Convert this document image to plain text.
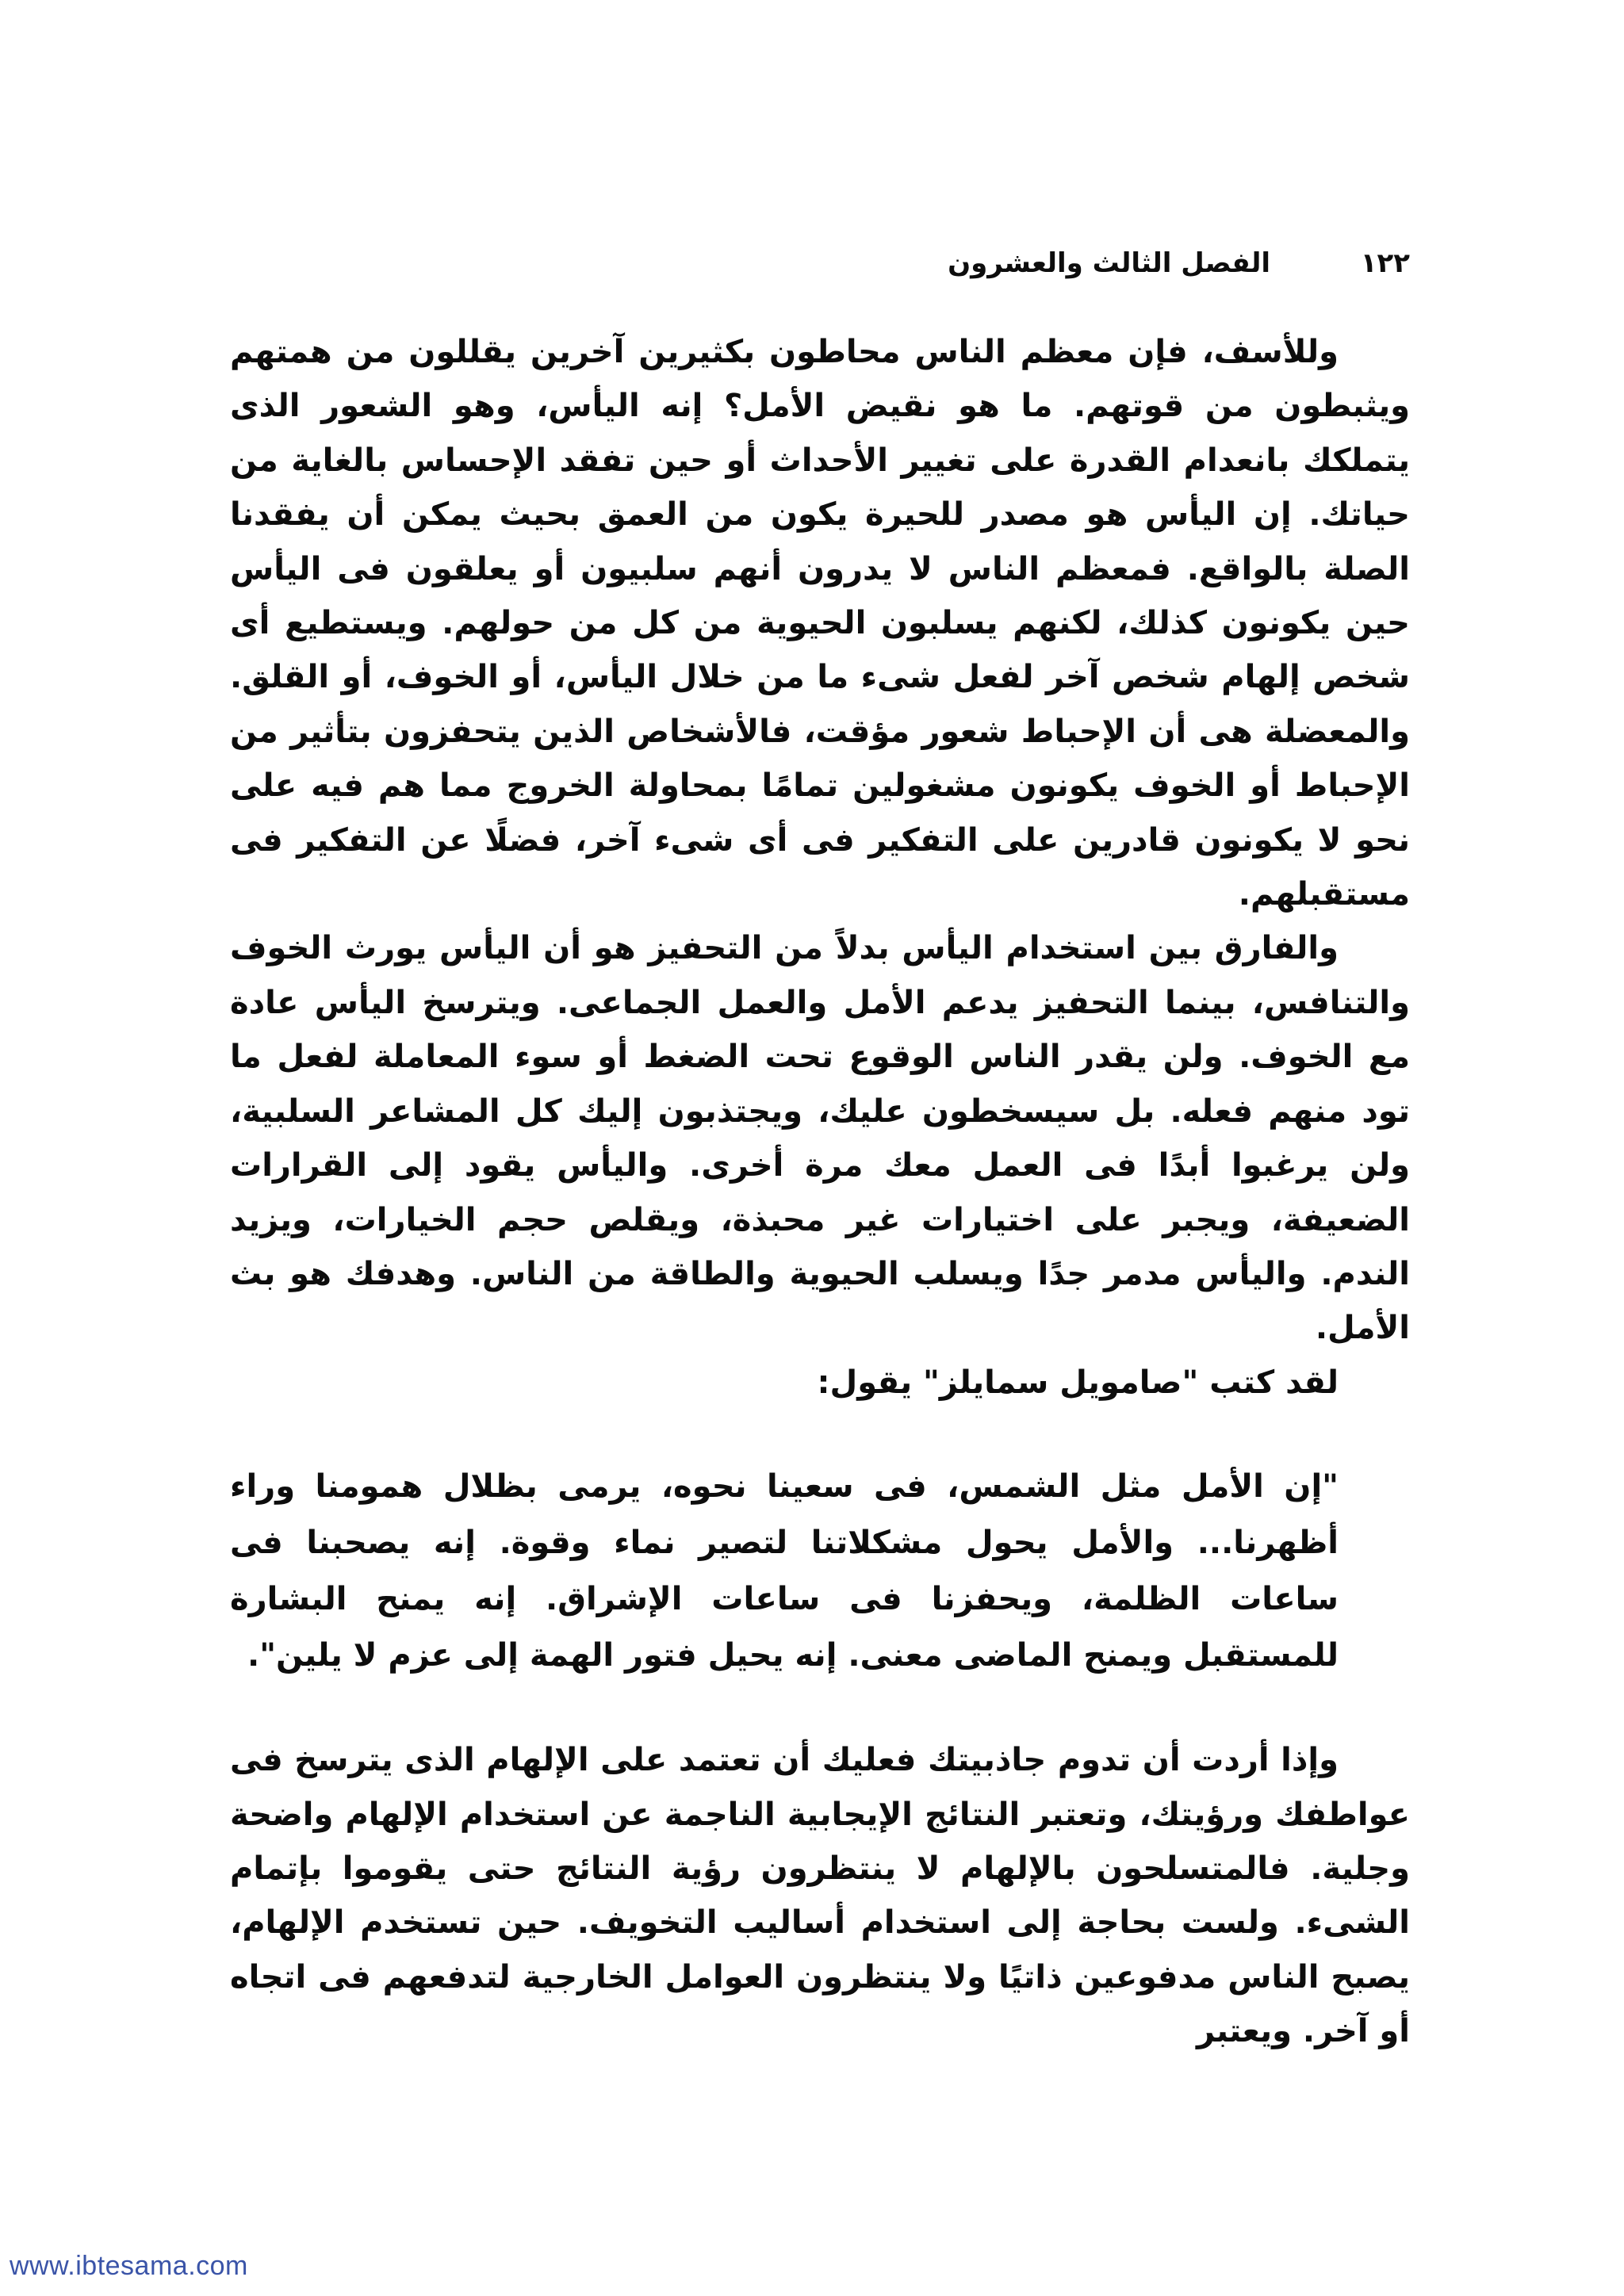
١٢٢
الفصل الثالث والعشرون

وللأسف، فإن معظم الناس محاطون بكثيرين آخرين يقللون من همتهم ويثبطون من قوتهم. ما هو نقيض الأمل؟ إنه اليأس، وهو الشعور الذى يتملكك بانعدام القدرة على تغيير الأحداث أو حين تفقد الإحساس بالغاية من حياتك. إن اليأس هو مصدر للحيرة يكون من العمق بحيث يمكن أن يفقدنا الصلة بالواقع. فمعظم الناس لا يدرون أنهم سلبيون أو يعلقون فى اليأس حين يكونون كذلك، لكنهم يسلبون الحيوية من كل من حولهم. ويستطيع أى شخص إلهام شخص آخر لفعل شىء ما من خلال اليأس، أو الخوف، أو القلق. والمعضلة هى أن الإحباط شعور مؤقت، فالأشخاص الذين يتحفزون بتأثير من الإحباط أو الخوف يكونون مشغولين تمامًا بمحاولة الخروج مما هم فيه على نحو لا يكونون قادرين على التفكير فى أى شىء آخر، فضلًا عن التفكير فى مستقبلهم.

والفارق بين استخدام اليأس بدلاً من التحفيز هو أن اليأس يورث الخوف والتنافس، بينما التحفيز يدعم الأمل والعمل الجماعى. ويترسخ اليأس عادة مع الخوف. ولن يقدر الناس الوقوع تحت الضغط أو سوء المعاملة لفعل ما تود منهم فعله. بل سيسخطون عليك، ويجتذبون إليك كل المشاعر السلبية، ولن يرغبوا أبدًا فى العمل معك مرة أخرى. واليأس يقود إلى القرارات الضعيفة، ويجبر على اختيارات غير محبذة، ويقلص حجم الخيارات، ويزيد الندم. واليأس مدمر جدًا ويسلب الحيوية والطاقة من الناس. وهدفك هو بث الأمل.

لقد كتب "صامويل سمايلز" يقول:

"إن الأمل مثل الشمس، فى سعينا نحوه، يرمى بظلال همومنا وراء أظهرنا... والأمل يحول مشكلاتنا لتصير نماء وقوة. إنه يصحبنا فى ساعات الظلمة، ويحفزنا فى ساعات الإشراق. إنه يمنح البشارة للمستقبل ويمنح الماضى معنى. إنه يحيل فتور الهمة إلى عزم لا يلين".

وإذا أردت أن تدوم جاذبيتك فعليك أن تعتمد على الإلهام الذى يترسخ فى عواطفك ورؤيتك، وتعتبر النتائج الإيجابية الناجمة عن استخدام الإلهام واضحة وجلية. فالمتسلحون بالإلهام لا ينتظرون رؤية النتائج حتى يقوموا بإتمام الشىء. ولست بحاجة إلى استخدام أساليب التخويف. حين تستخدم الإلهام، يصبح الناس مدفوعين ذاتيًا ولا ينتظرون العوامل الخارجية لتدفعهم فى اتجاه أو آخر. ويعتبر

www.ibtesama.com
